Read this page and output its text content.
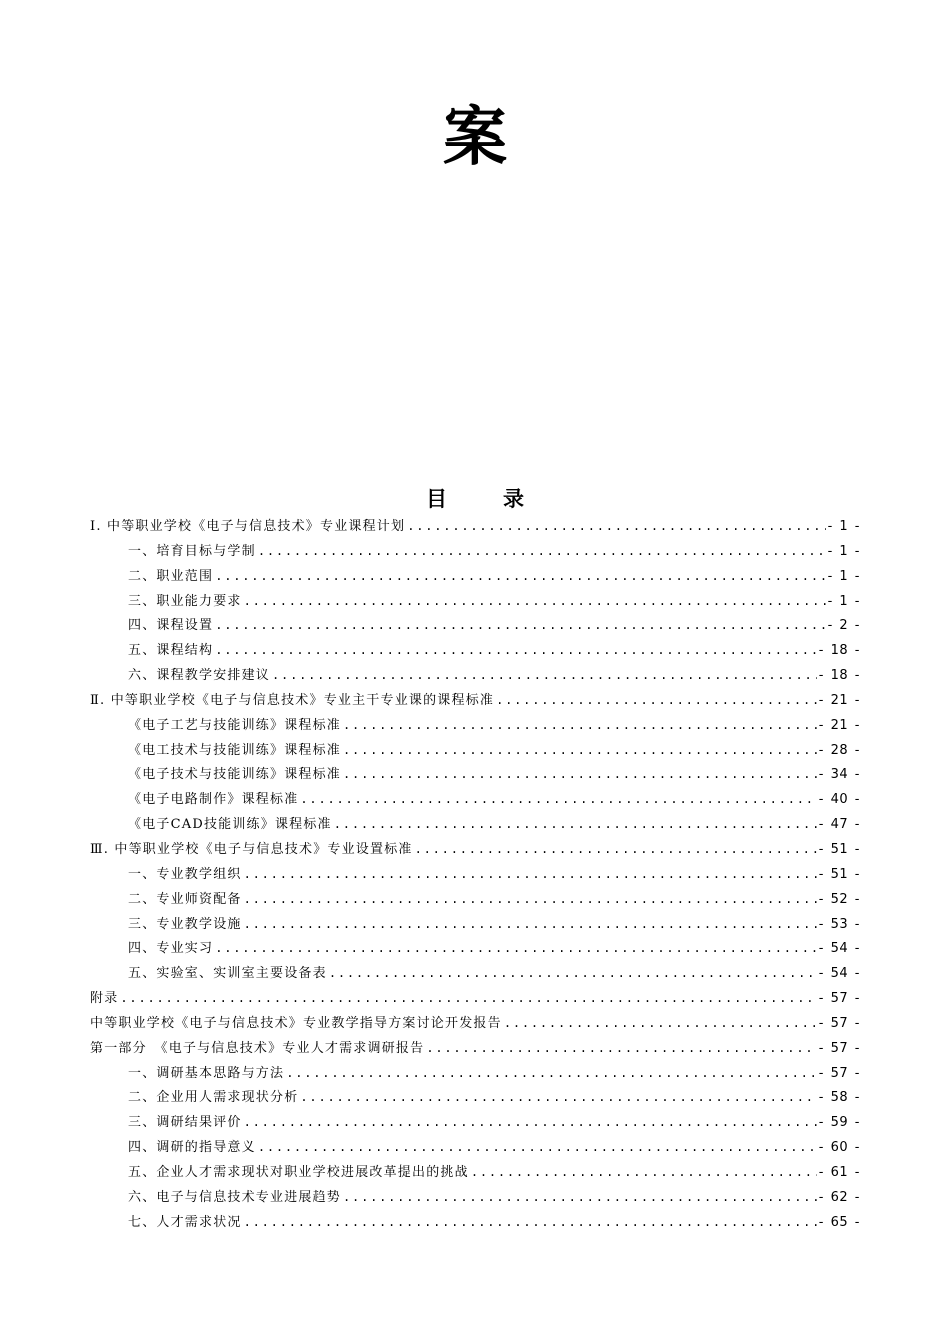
案
目录
Ⅰ. 中等职业学校《电子与信息技术》专业课程计划 .....	- 1 -
一、培育目标与学制 .....	- 1 -
二、职业范围 .....	- 1 -
三、职业能力要求 .....	- 1 -
四、课程设置 .....	- 2 -
五、课程结构 .....	- 18 -
六、课程教学安排建议 .....	- 18 -
Ⅱ. 中等职业学校《电子与信息技术》专业主干专业课的课程标准 .....	- 21 -
《电子工艺与技能训练》课程标准 .....	- 21 -
《电工技术与技能训练》课程标准 .....	- 28 -
《电子技术与技能训练》课程标准 .....	- 34 -
《电子电路制作》课程标准 .....	- 40 -
《电子CAD技能训练》课程标准 .....	- 47 -
Ⅲ. 中等职业学校《电子与信息技术》专业设置标准 .....	- 51 -
一、专业教学组织 .....	- 51 -
二、专业师资配备 .....	- 52 -
三、专业教学设施 .....	- 53 -
四、专业实习 .....	- 54 -
五、实验室、实训室主要设备表 .....	- 54 -
附录 .....	- 57 -
中等职业学校《电子与信息技术》专业教学指导方案讨论开发报告 .....	- 57 -
第一部分　《电子与信息技术》专业人才需求调研报告 .....	- 57 -
一、调研基本思路与方法 .....	- 57 -
二、企业用人需求现状分析 .....	- 58 -
三、调研结果评价 .....	- 59 -
四、调研的指导意义 .....	- 60 -
五、企业人才需求现状对职业学校进展改革提出的挑战 .....	- 61 -
六、电子与信息技术专业进展趋势 .....	- 62 -
七、人才需求状况 .....	- 65 -
